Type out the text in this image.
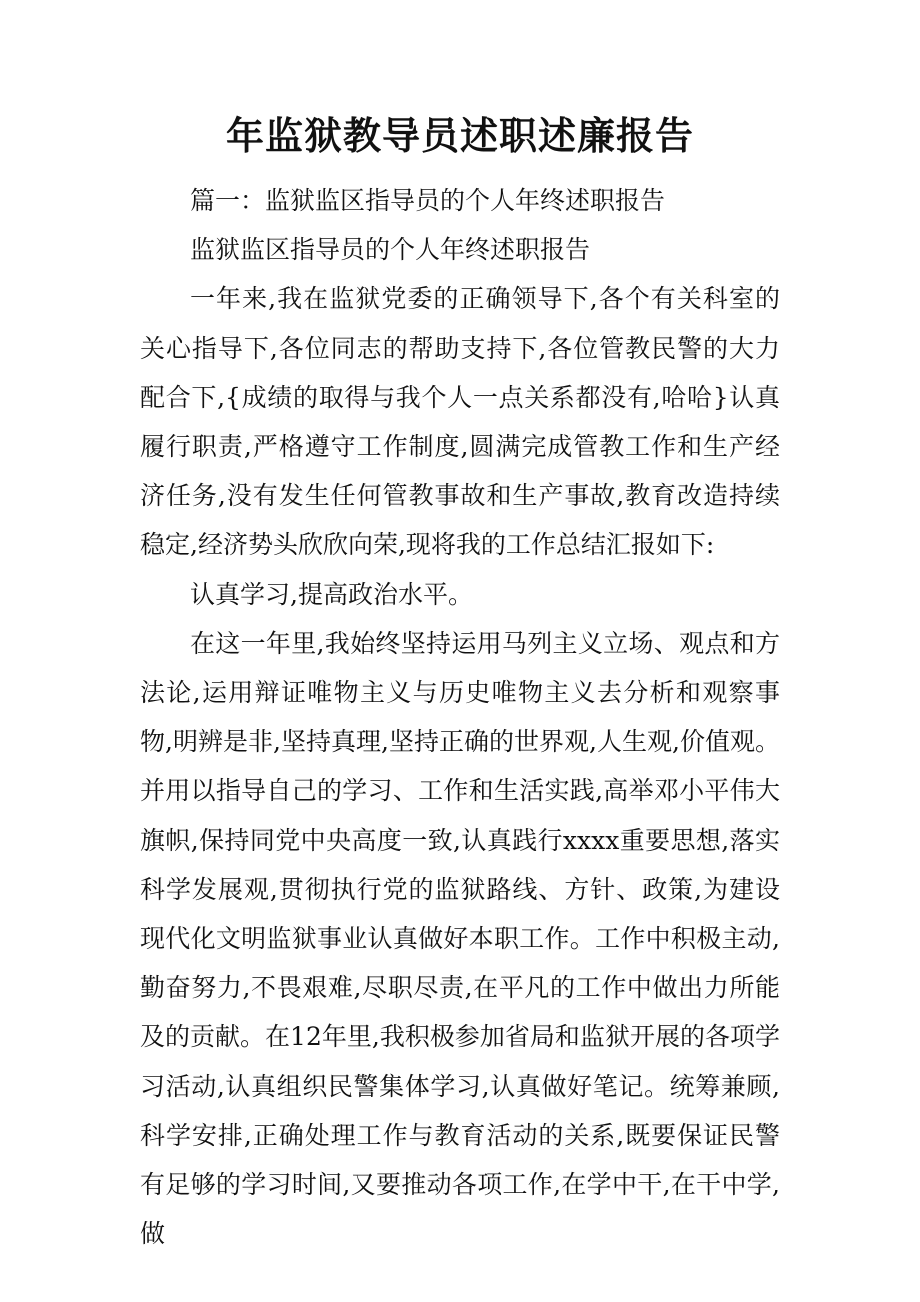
年监狱教导员述职述廉报告

篇一：监狱监区指导员的个人年终述职报告

监狱监区指导员的个人年终述职报告

一年来,我在监狱党委的正确领导下,各个有关科室的关心指导下,各位同志的帮助支持下,各位管教民警的大力配合下,{成绩的取得与我个人一点关系都没有,哈哈}认真履行职责,严格遵守工作制度,圆满完成管教工作和生产经济任务,没有发生任何管教事故和生产事故,教育改造持续稳定,经济势头欣欣向荣,现将我的工作总结汇报如下:

认真学习,提高政治水平。

在这一年里,我始终坚持运用马列主义立场、观点和方法论,运用辩证唯物主义与历史唯物主义去分析和观察事物,明辨是非,坚持真理,坚持正确的世界观,人生观,价值观。并用以指导自己的学习、工作和生活实践,高举邓小平伟大旗帜,保持同党中央高度一致,认真践行xxxx重要思想,落实科学发展观,贯彻执行党的监狱路线、方针、政策,为建设现代化文明监狱事业认真做好本职工作。工作中积极主动,勤奋努力,不畏艰难,尽职尽责,在平凡的工作中做出力所能及的贡献。在12年里,我积极参加省局和监狱开展的各项学习活动,认真组织民警集体学习,认真做好笔记。统筹兼顾,科学安排,正确处理工作与教育活动的关系,既要保证民警有足够的学习时间,又要推动各项工作,在学中干,在干中学,做
